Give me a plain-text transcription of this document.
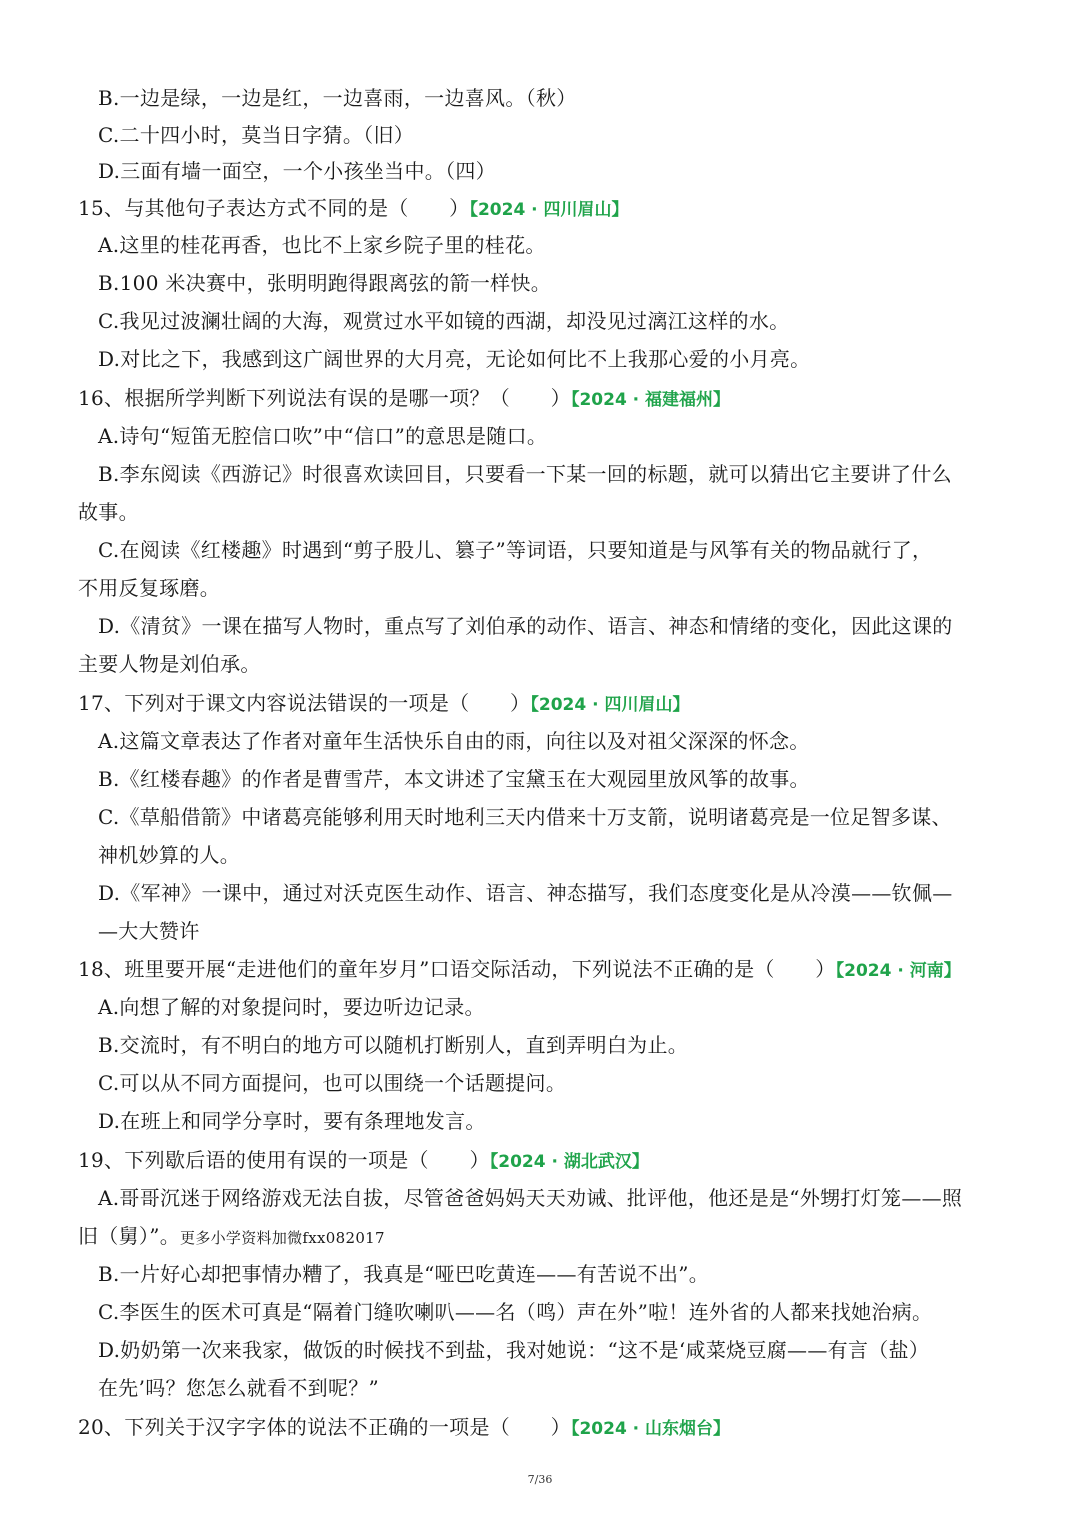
B.一边是绿，一边是红，一边喜雨，一边喜风。（秋）
C.二十四小时，莫当日字猜。（旧）
D.三面有墙一面空，一个小孩坐当中。（四）
15、与其他句子表达方式不同的是（　　）【2024 · 四川眉山】
A.这里的桂花再香，也比不上家乡院子里的桂花。
B.100 米决赛中，张明明跑得跟离弦的箭一样快。
C.我见过波澜壮阔的大海，观赏过水平如镜的西湖，却没见过漓江这样的水。
D.对比之下，我感到这广阔世界的大月亮，无论如何比不上我那心爱的小月亮。
16、根据所学判断下列说法有误的是哪一项？（　　）【2024 · 福建福州】
A.诗句“短笛无腔信口吹”中“信口”的意思是随口。
B.李东阅读《西游记》时很喜欢读回目，只要看一下某一回的标题，就可以猜出它主要讲了什么
故事。
C.在阅读《红楼趣》时遇到“剪子股儿、篡子”等词语，只要知道是与风筝有关的物品就行了，
不用反复琢磨。
D.《清贫》一课在描写人物时，重点写了刘伯承的动作、语言、神态和情绪的变化，因此这课的
主要人物是刘伯承。
17、下列对于课文内容说法错误的一项是（　　）【2024 · 四川眉山】
A.这篇文章表达了作者对童年生活快乐自由的雨，向往以及对祖父深深的怀念。
B.《红楼春趣》的作者是曹雪芹，本文讲述了宝黛玉在大观园里放风筝的故事。
C.《草船借箭》中诸葛亮能够利用天时地利三天内借来十万支箭，说明诸葛亮是一位足智多谋、
神机妙算的人。
D.《军神》一课中，通过对沃克医生动作、语言、神态描写，我们态度变化是从冷漠——钦佩—
—大大赞许
18、班里要开展“走进他们的童年岁月”口语交际活动，下列说法不正确的是（　　）【2024 · 河南】
A.向想了解的对象提问时，要边听边记录。
B.交流时，有不明白的地方可以随机打断别人，直到弄明白为止。
C.可以从不同方面提问，也可以围绕一个话题提问。
D.在班上和同学分享时，要有条理地发言。
19、下列歇后语的使用有误的一项是（　　）【2024 · 湖北武汉】
A.哥哥沉迷于网络游戏无法自拔，尽管爸爸妈妈天天劝诫、批评他，他还是是“外甥打灯笼——照
旧（舅）”。更多小学资料加微fxx082017
B.一片好心却把事情办糟了，我真是“哑巴吃黄连——有苦说不出”。
C.李医生的医术可真是“隔着门缝吹喇叭——名（鸣）声在外”啦！连外省的人都来找她治病。
D.奶奶第一次来我家，做饭的时候找不到盐，我对她说：“这不是‘咸菜烧豆腐——有言（盐）
在先’吗？您怎么就看不到呢？”
20、下列关于汉字字体的说法不正确的一项是（　　）【2024 · 山东烟台】
7/36
